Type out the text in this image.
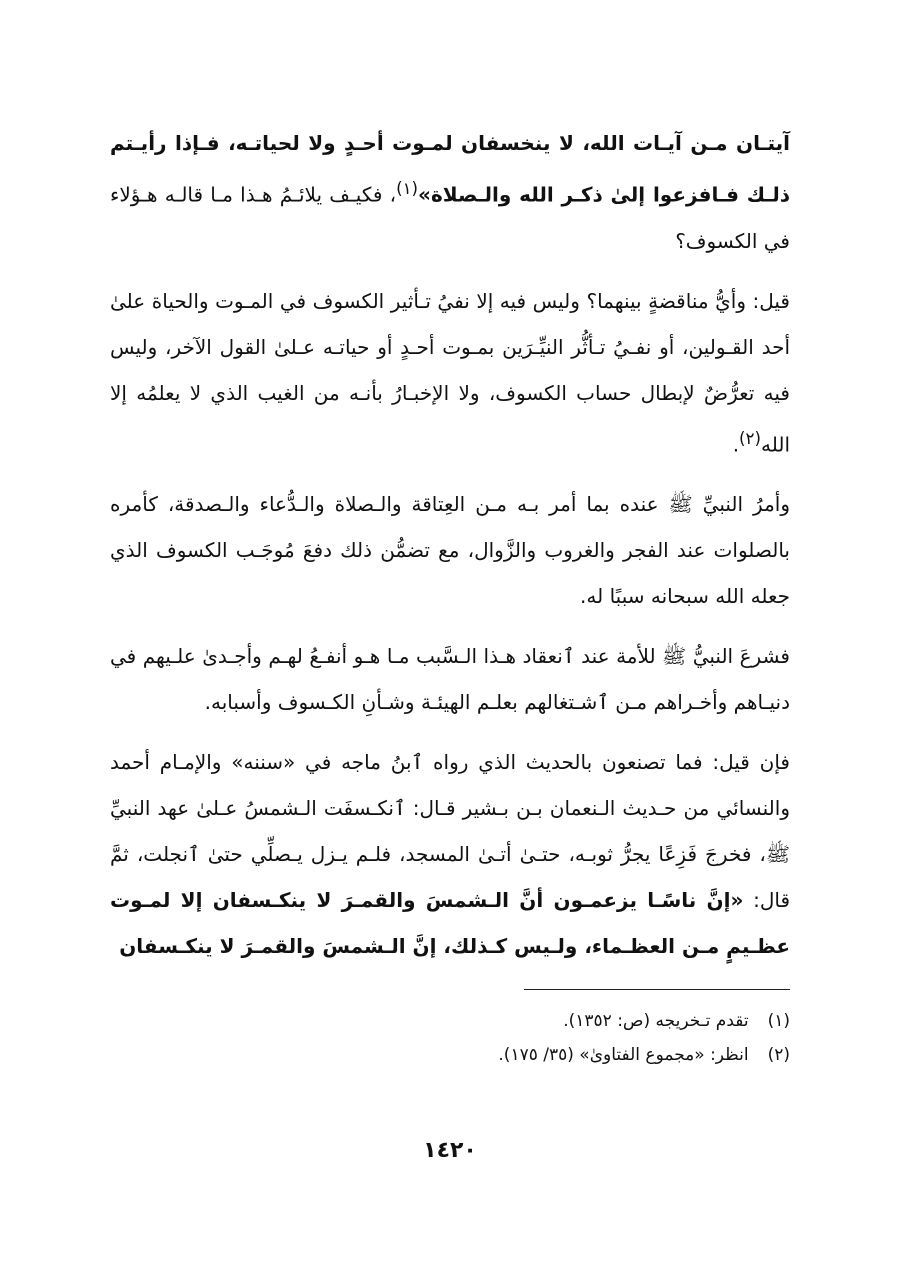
آيتـان مـن آيـات الله، لا ينخسفان لمـوت أحـدٍ ولا لحياتـه، فـإذا رأيـتم ذلـك فـافزعوا إلىٰ ذكـر الله والـصلاة»$^{(١)}$، فكيـف يلائـمُ هـذا مـا قالـه هـؤلاء في الكسوف؟

قيل: وأيُّ مناقضةٍ بينهما؟ وليس فيه إلا نفيُ تـأثير الكسوف في المـوت والحياة علىٰ أحد القـولين، أو نفـيُ تـأثُّر النيِّـرَين بمـوت أحـدٍ أو حياتـه عـلىٰ القول الآخر، وليس فيه تعرُّضٌ لإبطال حساب الكسوف، ولا الإخبـارُ بأنـه من الغيب الذي لا يعلمُه إلا الله$^{(٢)}$.

وأمرُ النبيِّ ﷺ عنده بما أمر بـه مـن العِتاقة والـصلاة والـدُّعاء والـصدقة، كأمره بالصلوات عند الفجر والغروب والزَّوال، مع تضمُّن ذلك دفعَ مُوجَـب الكسوف الذي جعله الله سبحانه سببًا له.

فشرعَ النبيُّ ﷺ للأمة عند ٱنعقاد هـذا الـسَّبب مـا هـو أنفـعُ لهـم وأجـدىٰ علـيهم في دنيـاهم وأخـراهم مـن ٱشـتغالهم بعلـم الهيئـة وشـأنِ الكـسوف وأسبابه.

فإن قيل: فما تصنعون بالحديث الذي رواه ٱبنُ ماجه في «سننه» والإمـام أحمد والنسائي من حـديث الـنعمان بـن بـشير قـال: ٱنكـسفَت الـشمسُ عـلىٰ عهد النبيِّ ﷺ، فخرجَ فَزِعًا يجرُّ ثوبـه، حتـىٰ أتـىٰ المسجد، فلـم يـزل يـصلِّي حتىٰ ٱنجلت، ثمَّ قال: «إنَّ ناسًـا يزعمـون أنَّ الـشمسَ والقمـرَ لا ينكـسفان إلا لمـوت عظـيمٍ مـن العظـماء، ولـيس كـذلك، إنَّ الـشمسَ والقمـرَ لا ينكـسفان

(١) تقدم تـخريجه (ص: ١٣٥٢).

(٢) انظر: «مجموع الفتاوىٰ» (٣٥/ ١٧٥).

١٤٢٠
